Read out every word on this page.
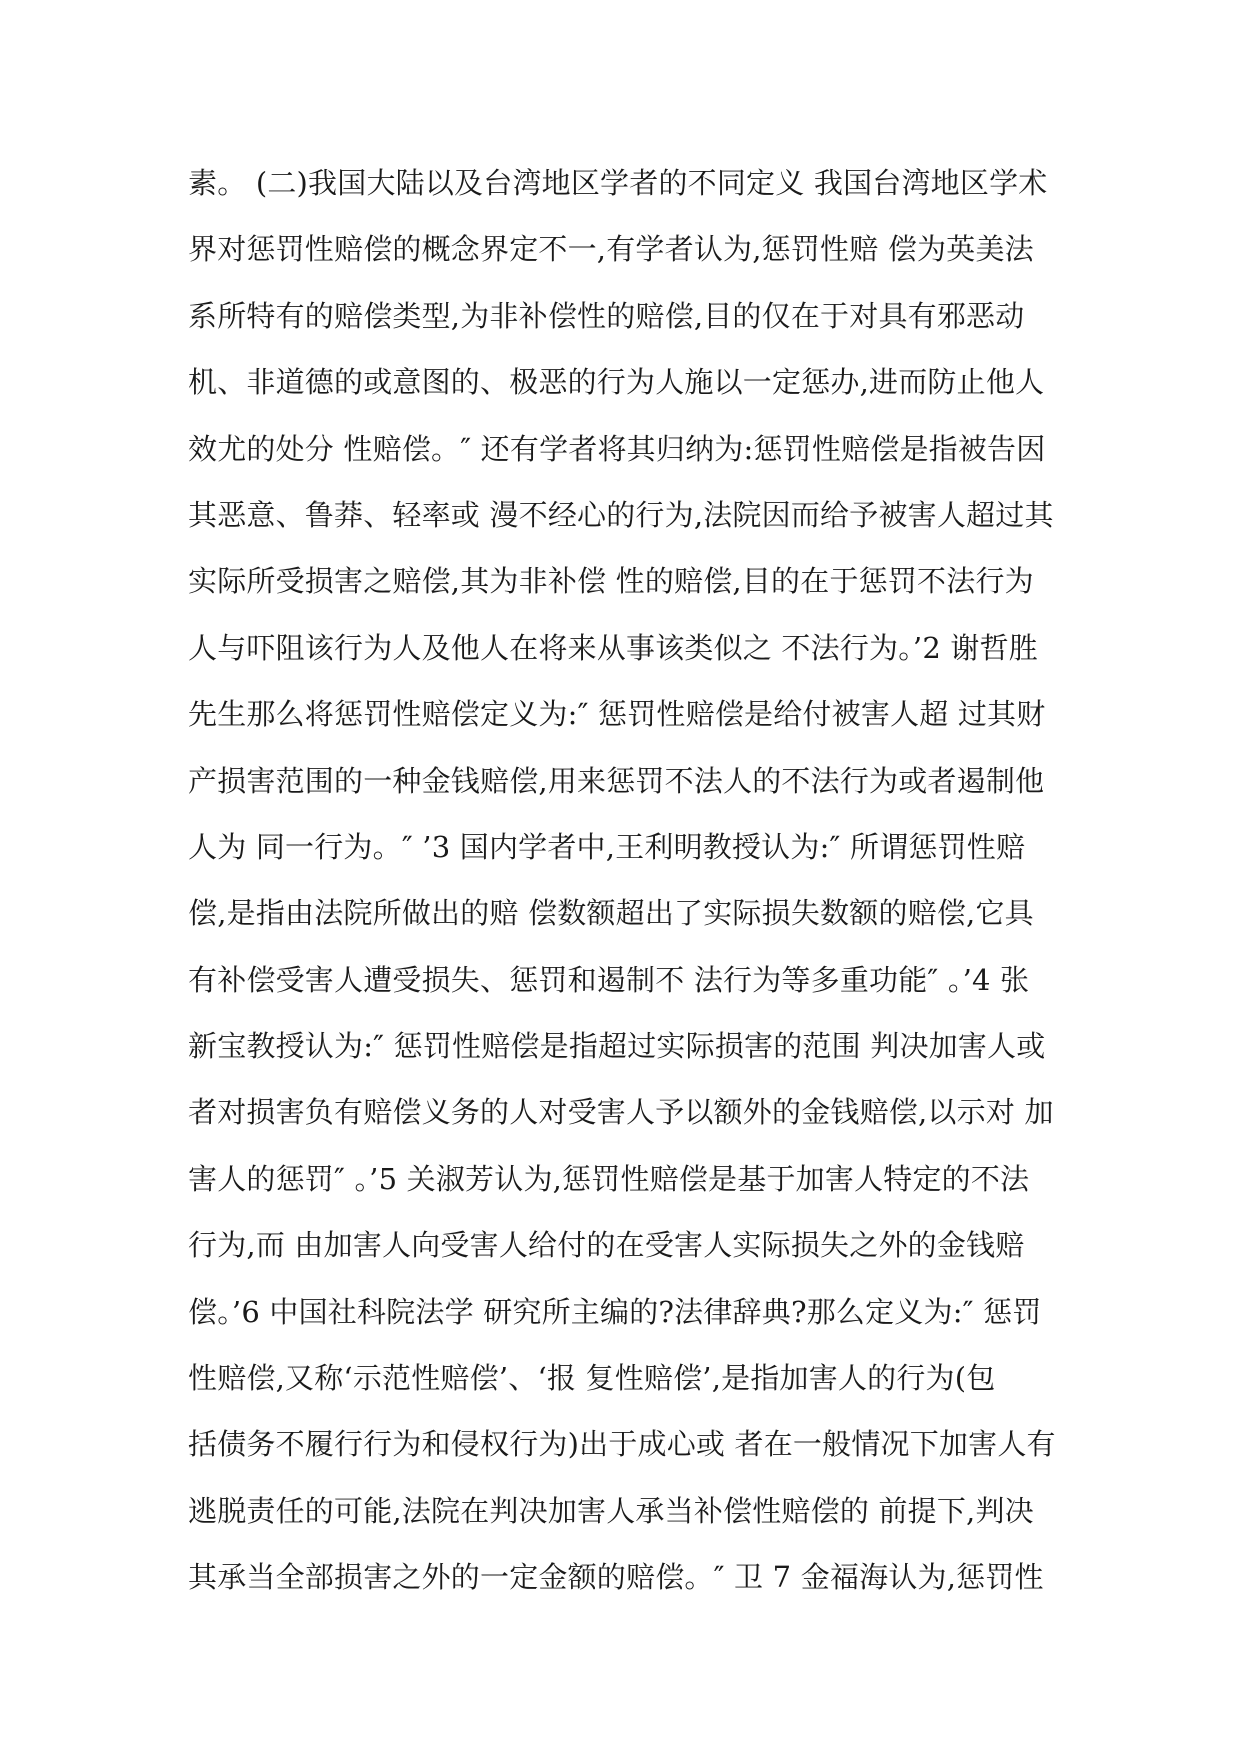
素。 (二)我国大陆以及台湾地区学者的不同定义 我国台湾地区学术
界对惩罚性赔偿的概念界定不一,有学者认为,惩罚性赔 偿为英美法
系所特有的赔偿类型,为非补偿性的赔偿,目的仅在于对具有邪恶动
机、非道德的或意图的、极恶的行为人施以一定惩办,进而防止他人
效尤的处分 性赔偿。″ 还有学者将其归纳为:惩罚性赔偿是指被告因
其恶意、鲁莽、轻率或 漫不经心的行为,法院因而给予被害人超过其
实际所受损害之赔偿,其为非补偿 性的赔偿,目的在于惩罚不法行为
人与吓阻该行为人及他人在将来从事该类似之 不法行为。’2 谢哲胜
先生那么将惩罚性赔偿定义为:″ 惩罚性赔偿是给付被害人超 过其财
产损害范围的一种金钱赔偿,用来惩罚不法人的不法行为或者遏制他
人为 同一行为。″ ’3 国内学者中,王利明教授认为:″ 所谓惩罚性赔
偿,是指由法院所做出的赔 偿数额超出了实际损失数额的赔偿,它具
有补偿受害人遭受损失、惩罚和遏制不 法行为等多重功能″ 。’4 张
新宝教授认为:″ 惩罚性赔偿是指超过实际损害的范围 判决加害人或
者对损害负有赔偿义务的人对受害人予以额外的金钱赔偿,以示对 加
害人的惩罚″ 。’5 关淑芳认为,惩罚性赔偿是基于加害人特定的不法
行为,而 由加害人向受害人给付的在受害人实际损失之外的金钱赔
偿。’6 中国社科院法学 研究所主编的?法律辞典?那么定义为:″ 惩罚
性赔偿,又称‘示范性赔偿’、‘报 复性赔偿’,是指加害人的行为(包
括债务不履行行为和侵权行为)出于成心或 者在一般情况下加害人有
逃脱责任的可能,法院在判决加害人承当补偿性赔偿的 前提下,判决
其承当全部损害之外的一定金额的赔偿。″ 卫 7 金福海认为,惩罚性
